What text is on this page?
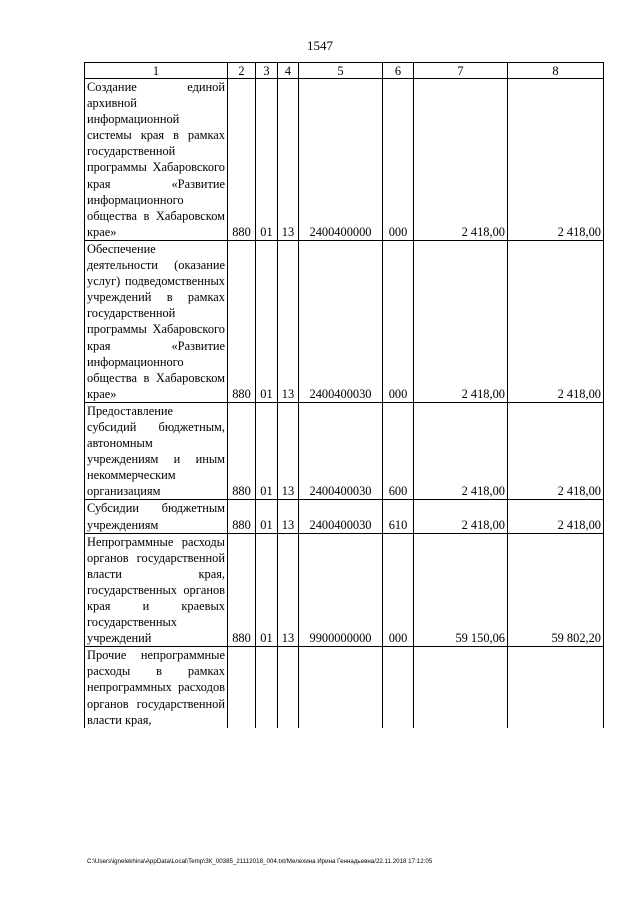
1547
1	2	3	4	5	6	7	8
Создание единой архивной информационной системы края в рамках государственной программы Хабаровского края «Развитие информационного общества в Хабаровском крае»	880	01	13	2400400000	000	2 418,00	2 418,00
Обеспечение деятельности (оказание услуг) подведомственных учреждений в рамках государственной программы Хабаровского края «Развитие информационного общества в Хабаровском крае»	880	01	13	2400400030	000	2 418,00	2 418,00
Предоставление субсидий бюджетным, автономным учреждениям и иным некоммерческим организациям	880	01	13	2400400030	600	2 418,00	2 418,00
Субсидии бюджетным учреждениям	880	01	13	2400400030	610	2 418,00	2 418,00
Непрограммные расходы органов государственной власти края, государственных органов края и краевых государственных учреждений	880	01	13	9900000000	000	59 150,06	59 802,20
Прочие непрограммные расходы в рамках непрограммных расходов органов государственной власти края,							
C:\Users\ignelekhina\AppData\Local\Temp\ЗК_00385_21112018_004.txt/Мелехина Ирина Геннадьевна/22.11.2018 17:12:05
